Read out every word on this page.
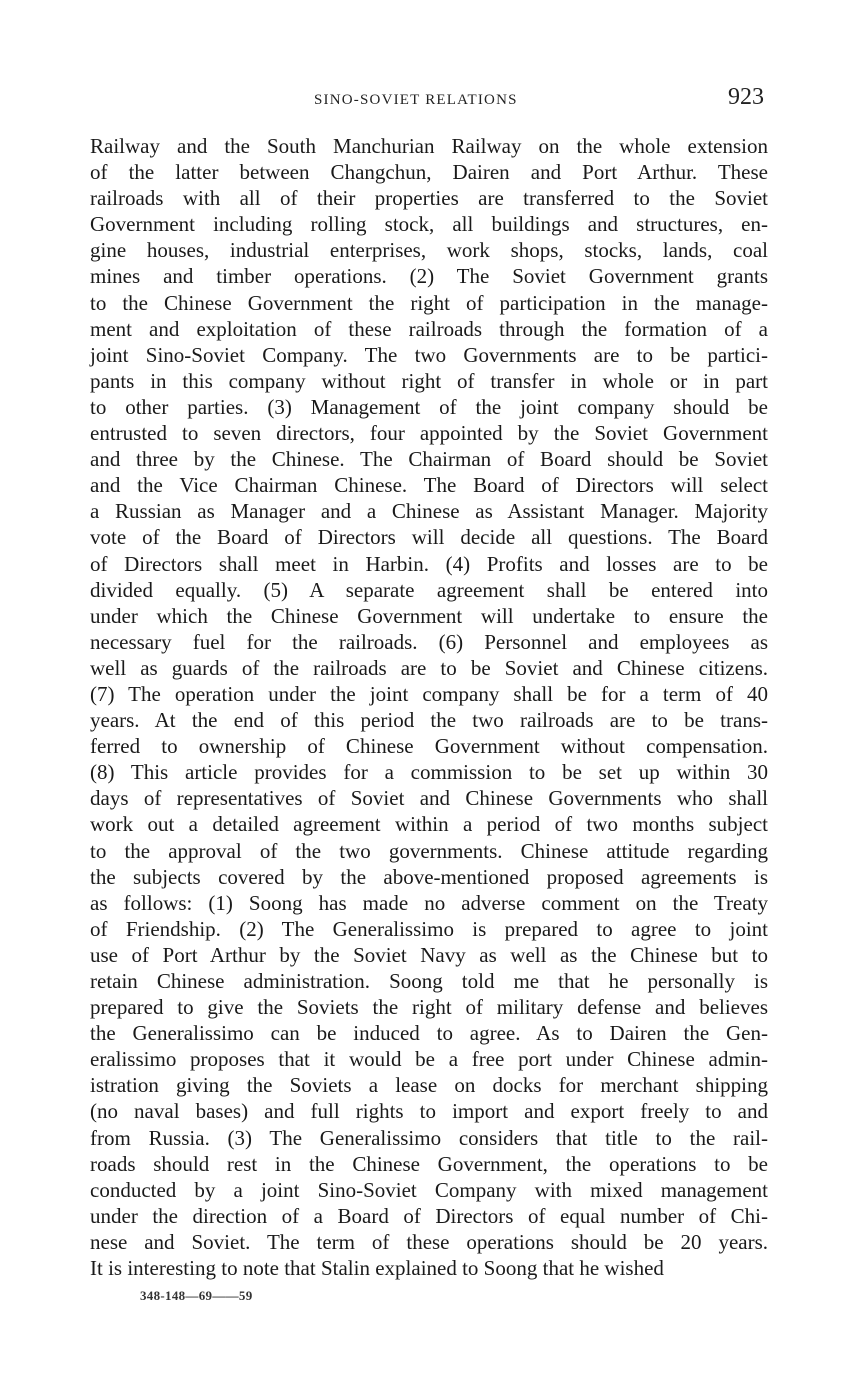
SINO-SOVIET RELATIONS	923
Railway and the South Manchurian Railway on the whole extension
of the latter between Changchun, Dairen and Port Arthur. These
railroads with all of their properties are transferred to the Soviet
Government including rolling stock, all buildings and structures, en-
gine houses, industrial enterprises, work shops, stocks, lands, coal
mines and timber operations. (2) The Soviet Government grants
to the Chinese Government the right of participation in the manage-
ment and exploitation of these railroads through the formation of a
joint Sino-Soviet Company. The two Governments are to be partici-
pants in this company without right of transfer in whole or in part
to other parties. (3) Management of the joint company should be
entrusted to seven directors, four appointed by the Soviet Government
and three by the Chinese. The Chairman of Board should be Soviet
and the Vice Chairman Chinese. The Board of Directors will select
a Russian as Manager and a Chinese as Assistant Manager. Majority
vote of the Board of Directors will decide all questions. The Board
of Directors shall meet in Harbin. (4) Profits and losses are to be
divided equally. (5) A separate agreement shall be entered into
under which the Chinese Government will undertake to ensure the
necessary fuel for the railroads. (6) Personnel and employees as
well as guards of the railroads are to be Soviet and Chinese citizens.
(7) The operation under the joint company shall be for a term of 40
years. At the end of this period the two railroads are to be trans-
ferred to ownership of Chinese Government without compensation.
(8) This article provides for a commission to be set up within 30
days of representatives of Soviet and Chinese Governments who shall
work out a detailed agreement within a period of two months subject
to the approval of the two governments. Chinese attitude regarding
the subjects covered by the above-mentioned proposed agreements is
as follows: (1) Soong has made no adverse comment on the Treaty
of Friendship. (2) The Generalissimo is prepared to agree to joint
use of Port Arthur by the Soviet Navy as well as the Chinese but to
retain Chinese administration. Soong told me that he personally is
prepared to give the Soviets the right of military defense and believes
the Generalissimo can be induced to agree. As to Dairen the Gen-
eralissimo proposes that it would be a free port under Chinese admin-
istration giving the Soviets a lease on docks for merchant shipping
(no naval bases) and full rights to import and export freely to and
from Russia. (3) The Generalissimo considers that title to the rail-
roads should rest in the Chinese Government, the operations to be
conducted by a joint Sino-Soviet Company with mixed management
under the direction of a Board of Directors of equal number of Chi-
nese and Soviet. The term of these operations should be 20 years.
It is interesting to note that Stalin explained to Soong that he wished
348-148—69——59
